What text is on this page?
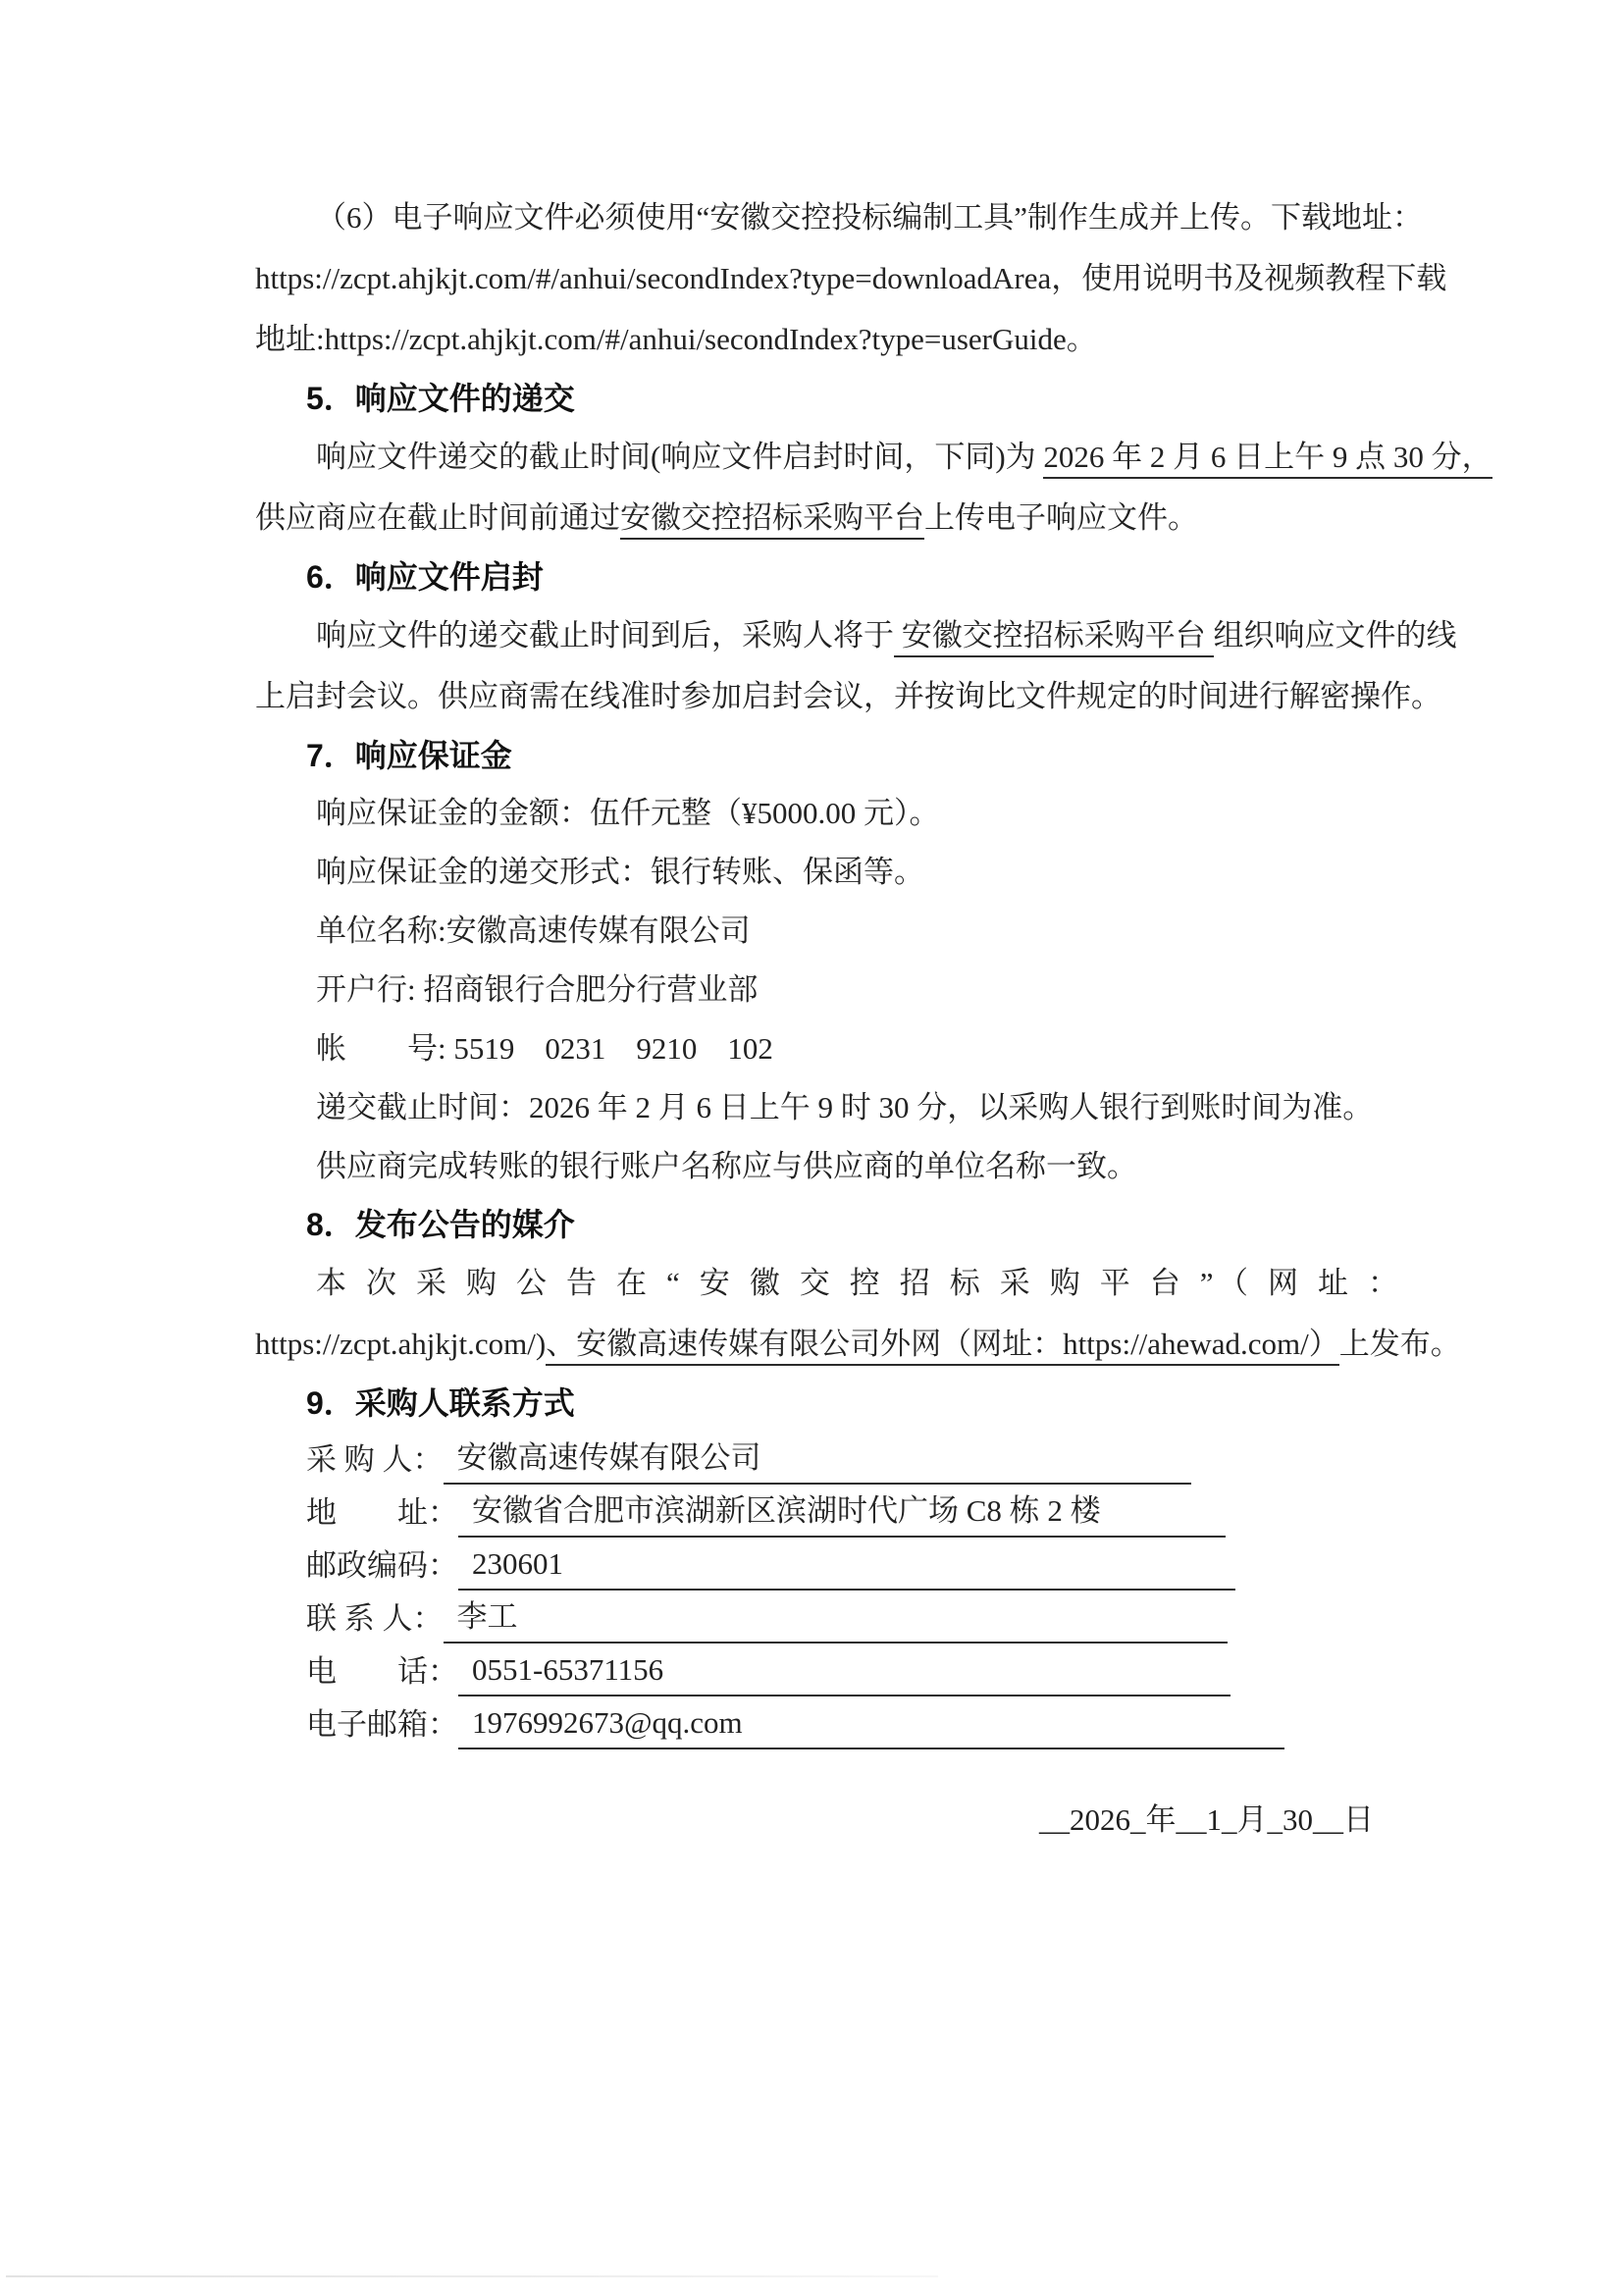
（6）电子响应文件必须使用“安徽交控投标编制工具”制作生成并上传。下载地址：
https://zcpt.ahjkjt.com/#/anhui/secondIndex?type=downloadArea，使用说明书及视频教程下载
地址:https://zcpt.ahjkjt.com/#/anhui/secondIndex?type=userGuide。
5．响应文件的递交
响应文件递交的截止时间(响应文件启封时间，下同)为 2026 年 2 月 6 日上午 9 点 30 分，
供应商应在截止时间前通过安徽交控招标采购平台上传电子响应文件。
6．响应文件启封
响应文件的递交截止时间到后，采购人将于 安徽交控招标采购平台 组织响应文件的线
上启封会议。供应商需在线准时参加启封会议，并按询比文件规定的时间进行解密操作。
7．响应保证金
响应保证金的金额：伍仟元整（¥5000.00 元）。
响应保证金的递交形式：银行转账、保函等。
单位名称:安徽高速传媒有限公司
开户行: 招商银行合肥分行营业部
帐　　号: 5519　0231　9210　102
递交截止时间：2026 年 2 月 6 日上午 9 时 30 分，以采购人银行到账时间为准。
供应商完成转账的银行账户名称应与供应商的单位名称一致。
8．发布公告的媒介
本次采购公告在“安徽交控招标采购平台”（网址：
https://zcpt.ahjkjt.com/)、安徽高速传媒有限公司外网（网址：https://ahewad.com/）上发布。
9．采购人联系方式
采 购 人： 安徽高速传媒有限公司
地　　址： 安徽省合肥市滨湖新区滨湖时代广场 C8 栋 2 楼
邮政编码： 230601
联 系 人： 李工
电　　话： 0551-65371156
电子邮箱： 1976992673@qq.com
__2026_年__1_月_30__日
